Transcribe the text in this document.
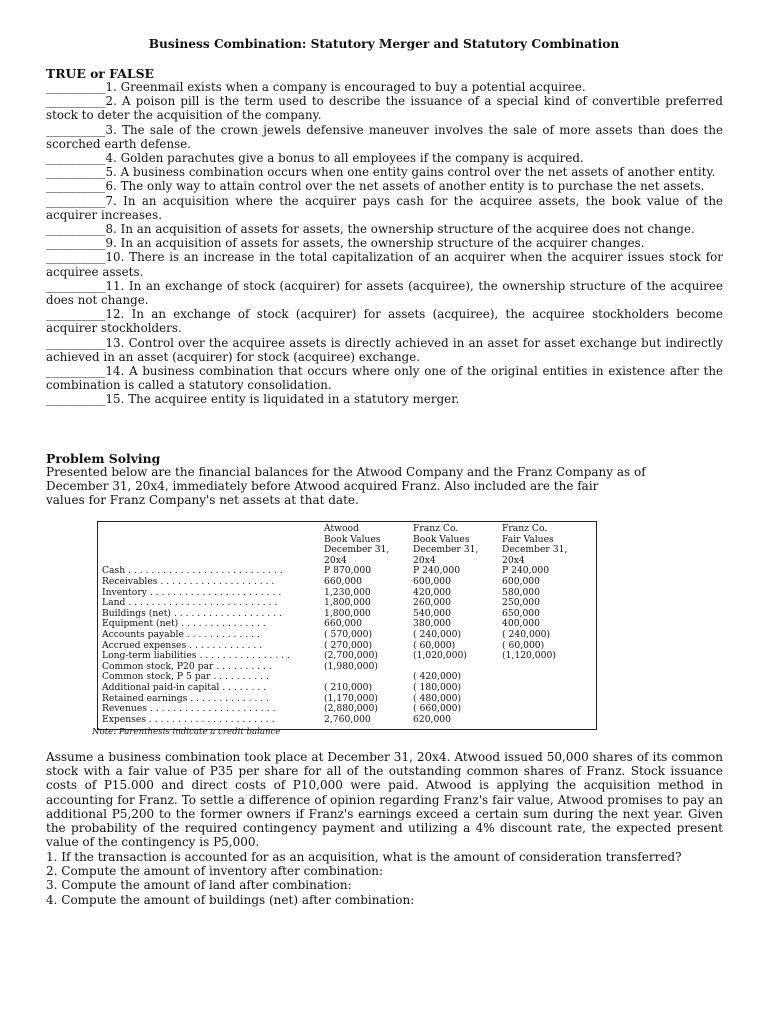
Business Combination: Statutory Merger and Statutory Combination
TRUE or FALSE
__________1. Greenmail exists when a company is encouraged to buy a potential acquiree.
__________2. A poison pill is the term used to describe the issuance of a special kind of convertible preferred stock to deter the acquisition of the company.
__________3. The sale of the crown jewels defensive maneuver involves the sale of more assets than does the scorched earth defense.
__________4. Golden parachutes give a bonus to all employees if the company is acquired.
__________5. A business combination occurs when one entity gains control over the net assets of another entity.
__________6. The only way to attain control over the net assets of another entity is to purchase the net assets.
__________7. In an acquisition where the acquirer pays cash for the acquiree assets, the book value of the acquirer increases.
__________8. In an acquisition of assets for assets, the ownership structure of the acquiree does not change.
__________9. In an acquisition of assets for assets, the ownership structure of the acquirer changes.
__________10. There is an increase in the total capitalization of an acquirer when the acquirer issues stock for acquiree assets.
__________11. In an exchange of stock (acquirer) for assets (acquiree), the ownership structure of the acquiree does not change.
__________12. In an exchange of stock (acquirer) for assets (acquiree), the acquiree stockholders become acquirer stockholders.
__________13. Control over the acquiree assets is directly achieved in an asset for asset exchange but indirectly achieved in an asset (acquirer) for stock (acquiree) exchange.
__________14. A business combination that occurs where only one of the original entities in existence after the combination is called a statutory consolidation.
__________15. The acquiree entity is liquidated in a statutory merger.
Problem Solving
Presented below are the financial balances for the Atwood Company and the Franz Company as of
December 31, 20x4, immediately before Atwood acquired Franz. Also included are the fair
values for Franz Company's net assets at that date.

	Atwood
Book Values
December 31,
20x4	Franz Co.
Book Values
December 31,
20x4	Franz Co.
Fair Values
December 31,
20x4

Cash . . . . . . . . . . . . . . . . . . . . . . . . . . .	P 870,000	P 240,000	P 240,000
Receivables . . . . . . . . . . . . . . . . . . . .	660,000	600,000	600,000
Inventory . . . . . . . . . . . . . . . . . . . . . . .	1,230,000	420,000	580,000
Land . . . . . . . . . . . . . . . . . . . . . . . . . .	1,800,000	260,000	250,000
Buildings (net) . . . . . . . . . . . . . . . . . . .	1,800,000	540,000	650,000
Equipment (net) . . . . . . . . . . . . . . .	660,000	380,000	400,000
Accounts payable . . . . . . . . . . . . .	( 570,000)	( 240,000)	( 240,000)
Accrued expenses . . . . . . . . . . . . .	( 270,000)	( 60,000)	( 60,000)
Long-term liabilities . . . . . . . . . . . . . . . .	(2,700,000)	(1,020,000)	(1,120,000)
Common stock, P20 par . . . . . . . . . .	(1,980,000)		
Common stock, P 5 par . . . . . . . . . .		( 420,000)	
Additional paid-in capital . . . . . . . .	( 210,000)	( 180,000)	
Retained earnings . . . . . . . . . . . . . .	(1,170,000)	( 480,000)	
Revenues . . . . . . . . . . . . . . . . . . . . . .	(2,880,000)	( 660,000)	
Expenses . . . . . . . . . . . . . . . . . . . . . .	2,760,000	620,000	
Note: Parenthesis indicate a credit balance
Assume a business combination took place at December 31, 20x4. Atwood issued 50,000 shares of its common stock with a fair value of P35 per share for all of the outstanding common shares of Franz. Stock issuance costs of P15.000 and direct costs of P10,000 were paid. Atwood is applying the acquisition method in accounting for Franz. To settle a difference of opinion regarding Franz's fair value, Atwood promises to pay an additional P5,200 to the former owners if Franz's earnings exceed a certain sum during the next year. Given the probability of the required contingency payment and utilizing a 4% discount rate, the expected present value of the contingency is P5,000.
1. If the transaction is accounted for as an acquisition, what is the amount of consideration transferred?
2. Compute the amount of inventory after combination:
3. Compute the amount of land after combination:
4. Compute the amount of buildings (net) after combination:
